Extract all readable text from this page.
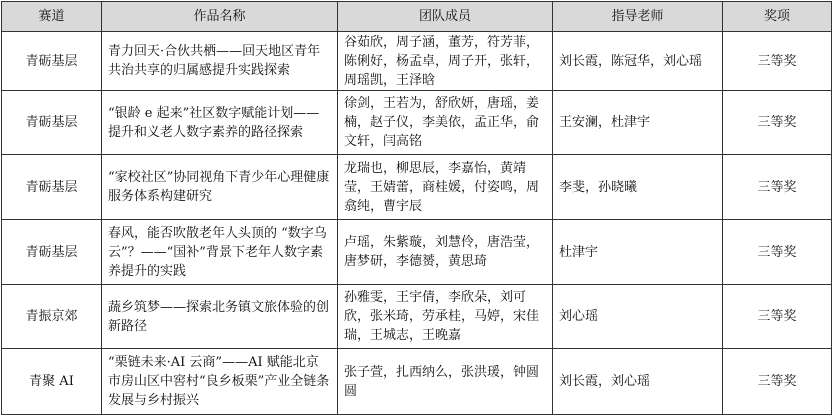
赛道	作品名称	团队成员	指导老师	奖项
青砺基层	青力回天·合伙共栖——回天地区青年共治共享的归属感提升实践探索	谷茹欣，周子涵，董芳，符芳菲，陈俐好，杨孟卓，周子开，张轩，周瑶凯，王泽晗	刘长霞，陈冠华，刘心瑶	三等奖
青砺基层	“银龄 e 起来”社区数字赋能计划——提升和义老人数字素养的路径探索	徐剑，王若为，舒欣妍，唐瑶，姜楠，赵子仪，李美依，孟正华，俞文轩，闫高铭	王安澜，杜津宇	三等奖
青砺基层	“家校社区”协同视角下青少年心理健康服务体系构建研究	龙瑞也，柳思辰，李嘉怡，黄靖莹，王婧蕾，商桂媛，付姿鸣，周翕纯，曹宇辰	李斐，孙晓曦	三等奖
青砺基层	春风，能否吹散老年人头顶的 “数字乌云”？——“国补”背景下老年人数字素养提升的实践	卢瑶，朱紫璇，刘慧伶，唐浩莹，唐梦研，李德赟，黄思琦	杜津宇	三等奖
青振京郊	蔬乡筑梦——探索北务镇文旅体验的创新路径	孙雅雯，王宇倩，李欣朵，刘可欣，张米琦，劳承桂，马婷，宋佳瑞，王城志，王晚嘉	刘心瑶	三等奖
青聚 AI	“栗链未来·AI 云商”——AI 赋能北京市房山区中窖村“良乡板栗”产业全链条发展与乡村振兴	张子萱，扎西纳么，张洪瑗，钟圆圆	刘长霞，刘心瑶	三等奖
